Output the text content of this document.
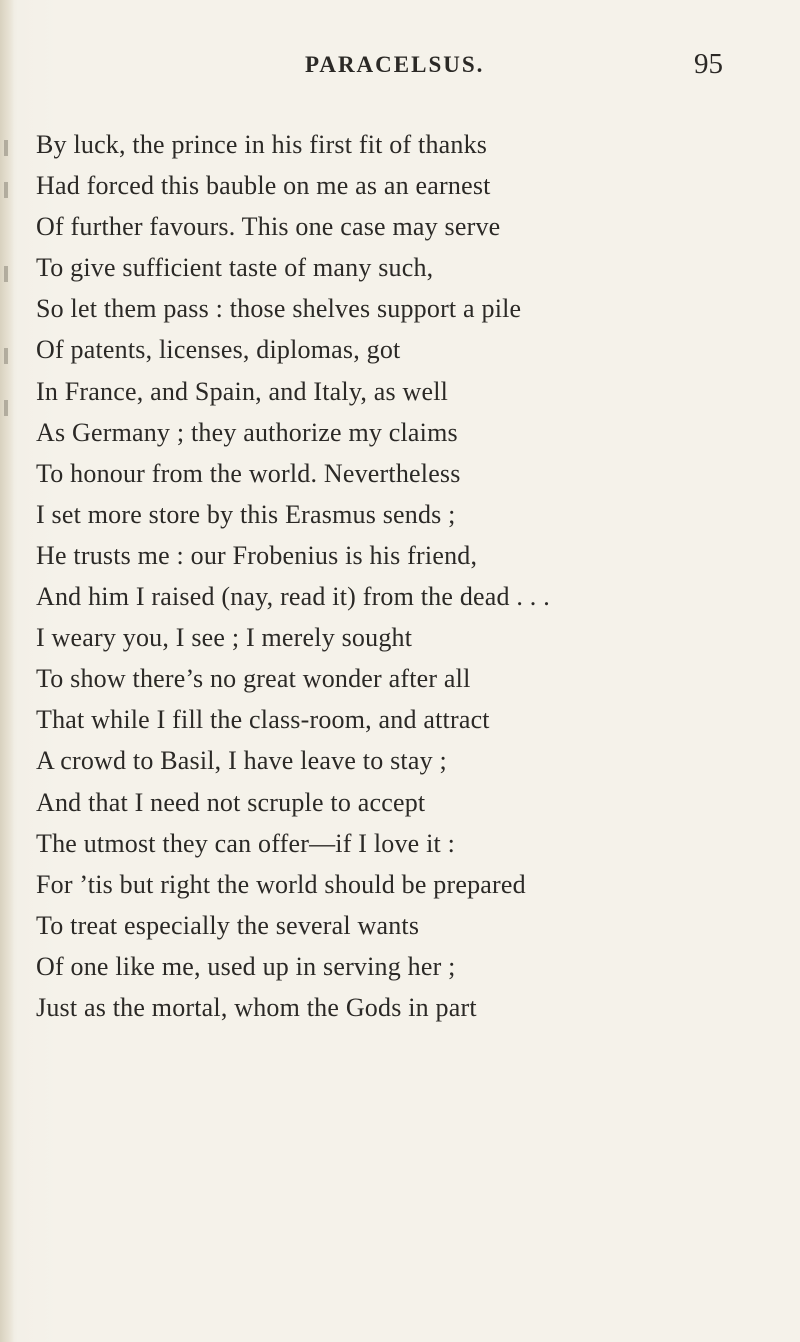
PARACELSUS.	95
By luck, the prince in his first fit of thanks
Had forced this bauble on me as an earnest
Of further favours. This one case may serve
To give sufficient taste of many such,
So let them pass : those shelves support a pile
Of patents, licenses, diplomas, got
In France, and Spain, and Italy, as well
As Germany ; they authorize my claims
To honour from the world. Nevertheless
I set more store by this Erasmus sends ;
He trusts me : our Frobenius is his friend,
And him I raised (nay, read it) from the dead . . .
I weary you, I see ; I merely sought
To show there’s no great wonder after all
That while I fill the class-room, and attract
A crowd to Basil, I have leave to stay ;
And that I need not scruple to accept
The utmost they can offer—if I love it :
For ’tis but right the world should be prepared
To treat especially the several wants
Of one like me, used up in serving her ;
Just as the mortal, whom the Gods in part
